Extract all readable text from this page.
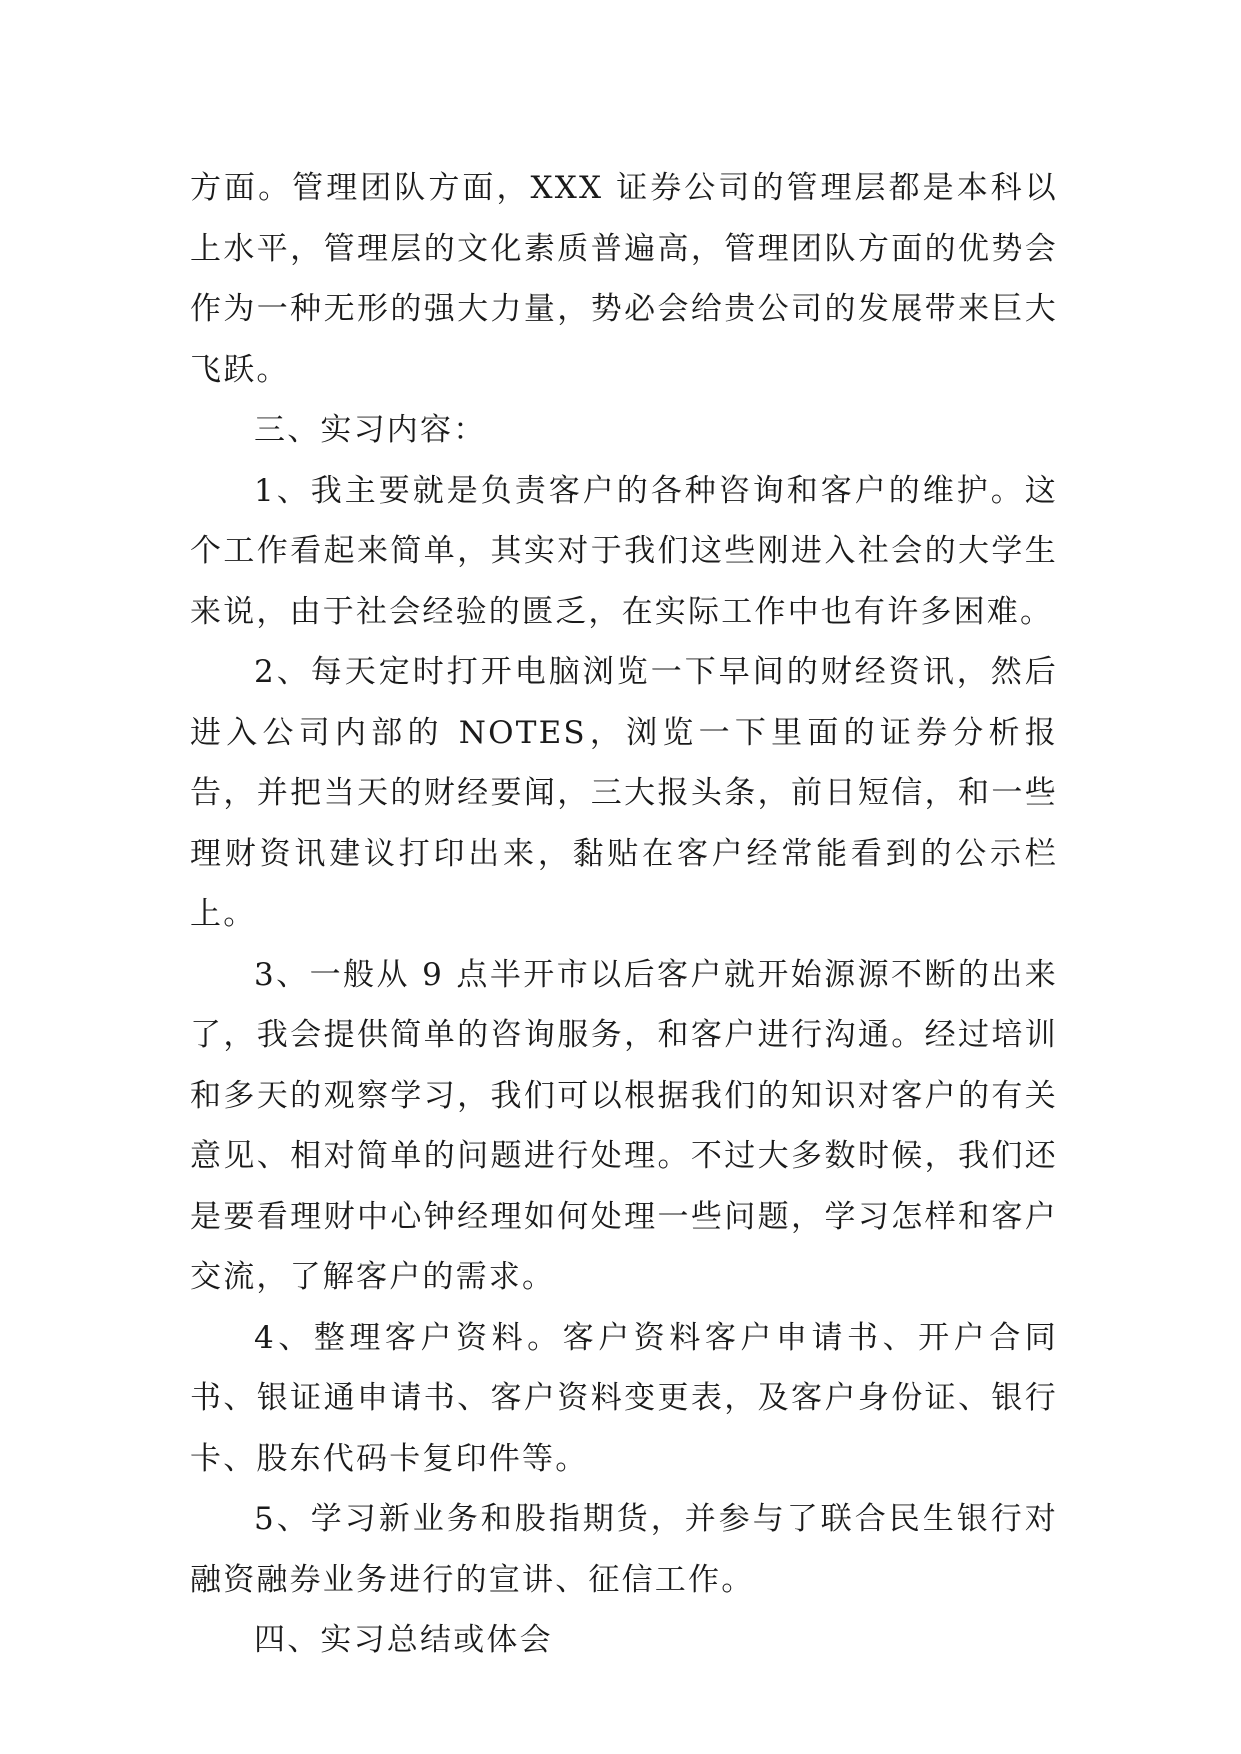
方面。管理团队方面，XXX 证券公司的管理层都是本科以上水平，管理层的文化素质普遍高，管理团队方面的优势会作为一种无形的强大力量，势必会给贵公司的发展带来巨大飞跃。

三、实习内容：

1、我主要就是负责客户的各种咨询和客户的维护。这个工作看起来简单，其实对于我们这些刚进入社会的大学生来说，由于社会经验的匮乏，在实际工作中也有许多困难。

2、每天定时打开电脑浏览一下早间的财经资讯，然后进入公司内部的 NOTES，浏览一下里面的证券分析报告，并把当天的财经要闻，三大报头条，前日短信，和一些理财资讯建议打印出来，黏贴在客户经常能看到的公示栏上。

3、一般从 9 点半开市以后客户就开始源源不断的出来了，我会提供简单的咨询服务，和客户进行沟通。经过培训和多天的观察学习，我们可以根据我们的知识对客户的有关意见、相对简单的问题进行处理。不过大多数时候，我们还是要看理财中心钟经理如何处理一些问题，学习怎样和客户交流，了解客户的需求。

4、整理客户资料。客户资料客户申请书、开户合同书、银证通申请书、客户资料变更表，及客户身份证、银行卡、股东代码卡复印件等。

5、学习新业务和股指期货，并参与了联合民生银行对融资融券业务进行的宣讲、征信工作。

四、实习总结或体会
